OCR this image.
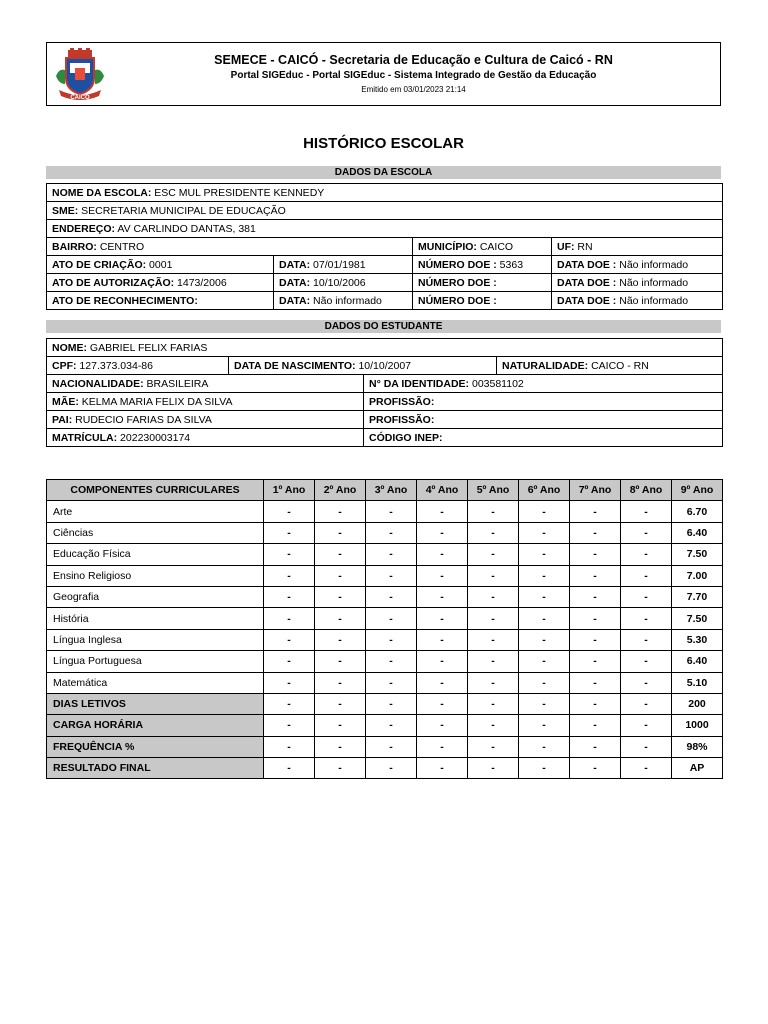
CAICÓ
SEMECE - CAICÓ - Secretaria de Educação e Cultura de Caicó - RN
Portal SIGEduc - Portal SIGEduc - Sistema Integrado de Gestão da Educação
Emitido em 03/01/2023 21:14
HISTÓRICO ESCOLAR
DADOS DA ESCOLA
NOME DA ESCOLA: ESC MUL PRESIDENTE KENNEDY			
SME: SECRETARIA MUNICIPAL DE EDUCAÇÃO			
ENDEREÇO: AV CARLINDO DANTAS, 381			
BAIRRO: CENTRO		MUNICÍPIO: CAICO	UF: RN
ATO DE CRIAÇÃO: 0001	DATA: 07/01/1981	NÚMERO DOE : 5363	DATA DOE : Não informado
ATO DE AUTORIZAÇÃO: 1473/2006	DATA: 10/10/2006	NÚMERO DOE :	DATA DOE : Não informado
ATO DE RECONHECIMENTO:	DATA: Não informado	NÚMERO DOE :	DATA DOE : Não informado
DADOS DO ESTUDANTE
NOME: GABRIEL FELIX FARIAS
CPF: 127.373.034-86	DATA DE NASCIMENTO: 10/10/2007	NATURALIDADE: CAICO - RN
NACIONALIDADE: BRASILEIRA	N° DA IDENTIDADE: 003581102
MÃE: KELMA MARIA FELIX DA SILVA	PROFISSÃO:
PAI: RUDECIO FARIAS DA SILVA	PROFISSÃO:
MATRÍCULA: 202230003174	CÓDIGO INEP:
COMPONENTES CURRICULARES	1º Ano	2º Ano	3º Ano	4º Ano	5º Ano	6º Ano	7º Ano	8º Ano	9º Ano
Arte	-	-	-	-	-	-	-	-	6.70
Ciências	-	-	-	-	-	-	-	-	6.40
Educação Física	-	-	-	-	-	-	-	-	7.50
Ensino Religioso	-	-	-	-	-	-	-	-	7.00
Geografia	-	-	-	-	-	-	-	-	7.70
História	-	-	-	-	-	-	-	-	7.50
Língua Inglesa	-	-	-	-	-	-	-	-	5.30
Língua Portuguesa	-	-	-	-	-	-	-	-	6.40
Matemática	-	-	-	-	-	-	-	-	5.10
DIAS LETIVOS	-	-	-	-	-	-	-	-	200
CARGA HORÁRIA	-	-	-	-	-	-	-	-	1000
FREQUÊNCIA %	-	-	-	-	-	-	-	-	98%
RESULTADO FINAL	-	-	-	-	-	-	-	-	AP
